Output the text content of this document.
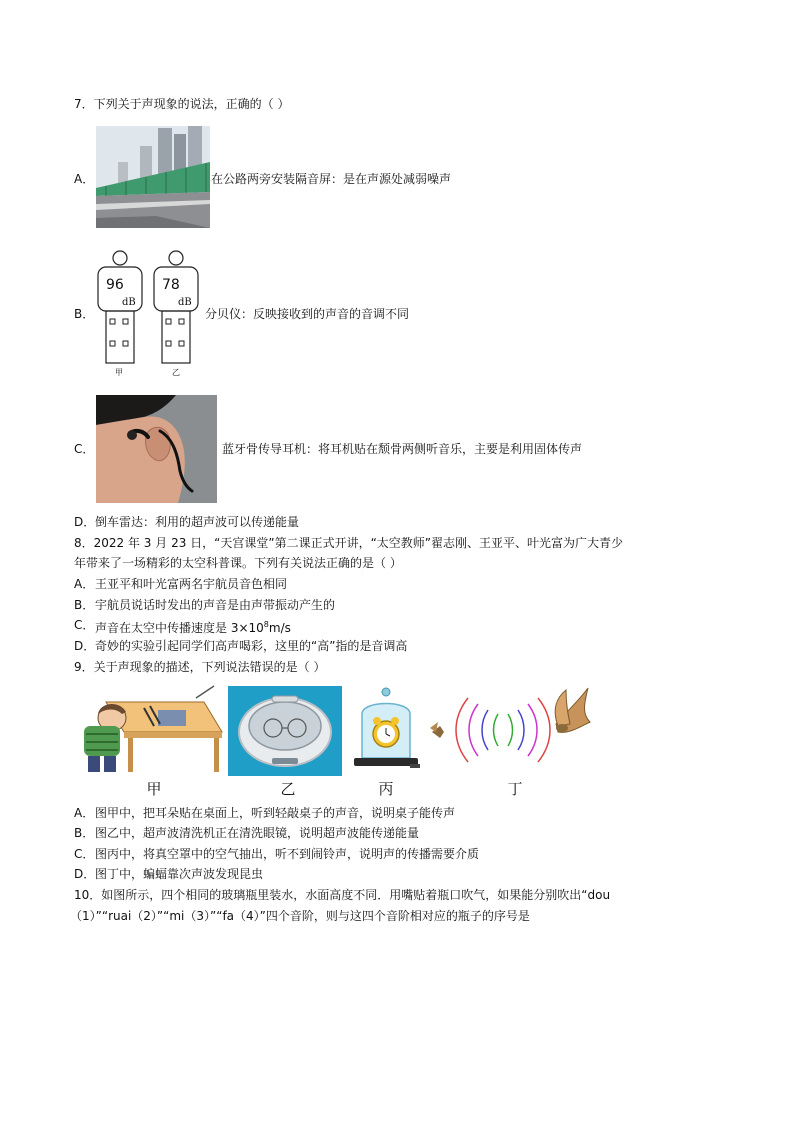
7．下列关于声现象的说法，正确的（ ）
A．	在公路两旁安装隔音屏：是在声源处减弱噪声
96
dB
78
dB
甲	乙
B．	分贝仪：反映接收到的声音的音调不同
C．	蓝牙骨传导耳机：将耳机贴在颓骨两侧听音乐，主要是利用固体传声
D． 倒车雷达：利用的超声波可以传递能量
8．2022 年 3 月 23 日，“天宫课堂”第二课正式开讲，“太空教师”翟志刚、王亚平、叶光富为广大青少
年带来了一场精彩的太空科普课。下列有关说法正确的是（ ）
A． 王亚平和叶光富两名宇航员音色相同
B． 宇航员说话时发出的声音是由声带振动产生的
C． 声音在太空中传播速度是 $3\times 10^8m/s$
D． 奇妙的实验引起同学们高声喝彩，这里的“高”指的是音调高
9．关于声现象的描述，下列说法错误的是（ ）
甲	乙	丙	丁
A． 图甲中，把耳朵贴在桌面上，听到轻敲桌子的声音，说明桌子能传声
B． 图乙中，超声波清洗机正在清洗眼镜，说明超声波能传递能量
C． 图丙中，将真空罩中的空气抽出，听不到闹铃声，说明声的传播需要介质
D． 图丁中，蝙蝠靠次声波发现昆虫
10．如图所示，四个相同的玻璃瓶里装水，水面高度不同．用嘴贴着瓶口吹气，如果能分别吹出“dou
（1）”“ruai（2）”“mi（3）”“fa（4）”四个音阶，则与这四个音阶相对应的瓶子的序号是
